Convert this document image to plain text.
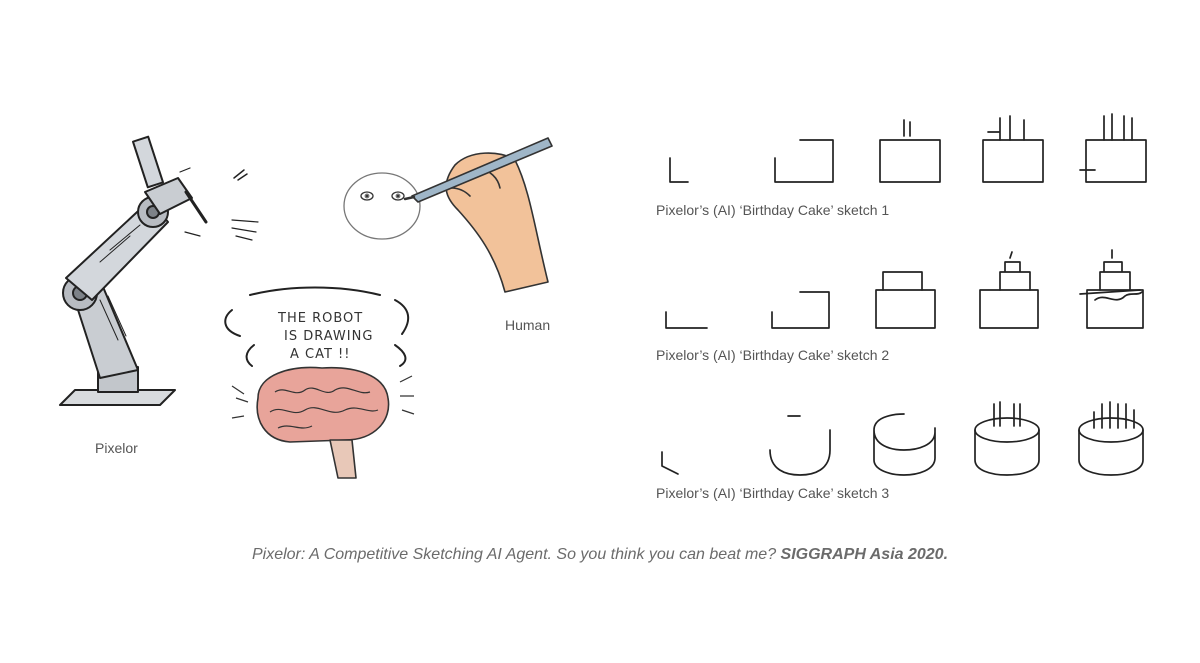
THE ROBOT
IS DRAWING
A CAT !!
Pixelor
Human
Pixelor’s (AI) ‘Birthday Cake’ sketch 1
Pixelor’s (AI) ‘Birthday Cake’ sketch 2
Pixelor’s (AI) ‘Birthday Cake’ sketch 3
Pixelor: A Competitive Sketching AI Agent. So you think you can beat me? SIGGRAPH Asia 2020.
